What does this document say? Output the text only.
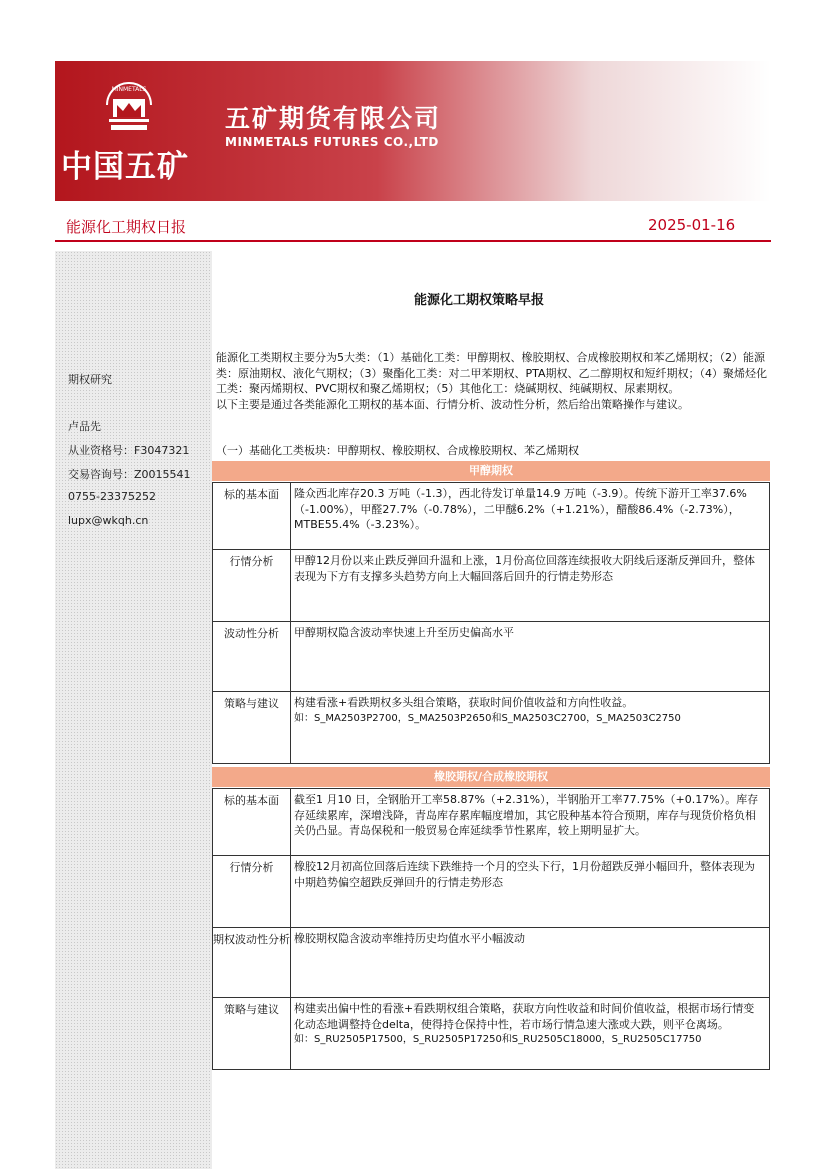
MINMETALS
中国五矿
五矿期货有限公司
MINMETALS FUTURES CO.,LTD
能源化工期权日报	2025-01-16
期权研究
卢品先
从业资格号：F3047321
交易咨询号：Z0015541
0755-23375252
lupx@wkqh.cn
能源化工期权策略早报

能源化工类期权主要分为5大类：（1）基础化工类：甲醇期权、橡胶期权、合成橡胶期权和苯乙烯期权；（2）能源类：原油期权、液化气期权；（3）聚酯化工类：对二甲苯期权、PTA期权、乙二醇期权和短纤期权；（4）聚烯烃化工类：聚丙烯期权、PVC期权和聚乙烯期权；（5）其他化工：烧碱期权、纯碱期权、尿素期权。

以下主要是通过各类能源化工期权的基本面、行情分析、波动性分析，然后给出策略操作与建议。

（一）基础化工类板块：甲醇期权、橡胶期权、合成橡胶期权、苯乙烯期权
甲醇期权
标的基本面	隆众西北库存20.3 万吨（-1.3），西北待发订单量14.9 万吨（-3.9）。传统下游开工率37.6%（-1.00%），甲醛27.7%（-0.78%），二甲醚6.2%（+1.21%），醋酸86.4%（-2.73%），MTBE55.4%（-3.23%）。
行情分析	甲醇12月份以来止跌反弹回升温和上涨，1月份高位回落连续报收大阴线后逐渐反弹回升，整体表现为下方有支撑多头趋势方向上大幅回落后回升的行情走势形态
波动性分析	甲醇期权隐含波动率快速上升至历史偏高水平
策略与建议	构建看涨+看跌期权多头组合策略，获取时间价值收益和方向性收益。
如：S_MA2503P2700，S_MA2503P2650和S_MA2503C2700，S_MA2503C2750
橡胶期权/合成橡胶期权
标的基本面	截至1 月10 日，全钢胎开工率58.87%（+2.31%），半钢胎开工率77.75%（+0.17%）。库存存延续累库，深增浅降，青岛库存累库幅度增加，其它股种基本符合预期，库存与现货价格负相关仍凸显。青岛保税和一般贸易仓库延续季节性累库，较上期明显扩大。
行情分析	橡胶12月初高位回落后连续下跌维持一个月的空头下行，1月份超跌反弹小幅回升，整体表现为中期趋势偏空超跌反弹回升的行情走势形态
期权波动性分析 橡胶期权隐含波动率维持历史均值水平小幅波动
策略与建议	构建卖出偏中性的看涨+看跌期权组合策略，获取方向性收益和时间价值收益，根据市场行情变化动态地调整持仓delta，使得持仓保持中性，若市场行情急速大涨或大跌，则平仓离场。
如：S_RU2505P17500，S_RU2505P17250和S_RU2505C18000，S_RU2505C17750
